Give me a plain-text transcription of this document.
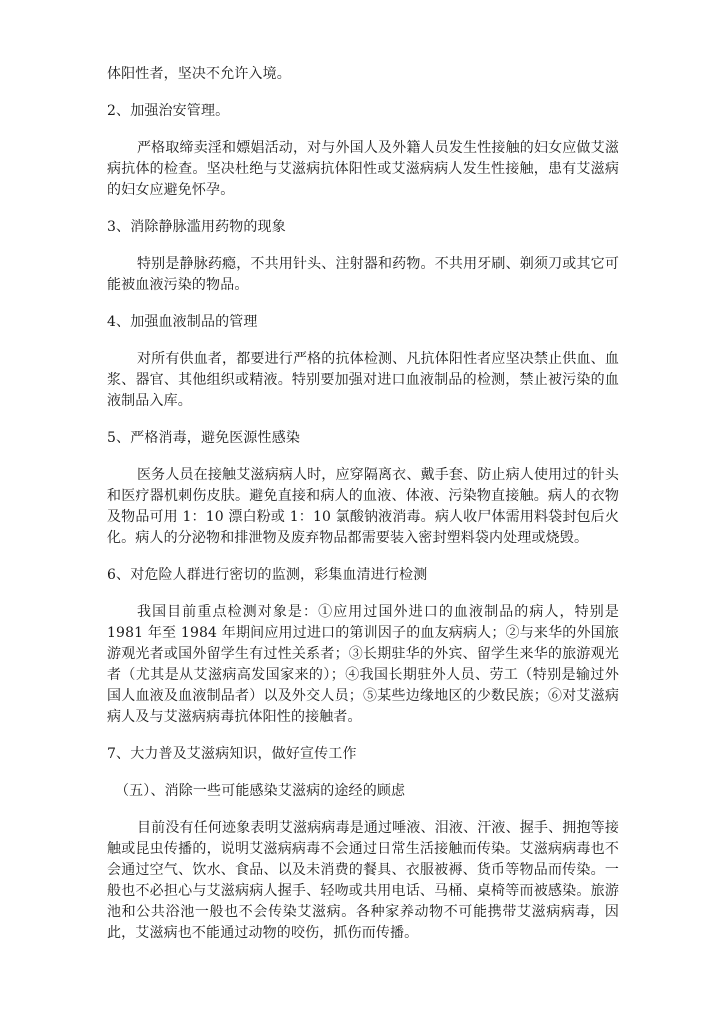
体阳性者，坚决不允许入境。

2、加强治安管理。

严格取缔卖淫和嫖娼活动，对与外国人及外籍人员发生性接触的妇女应做艾滋病抗体的检查。坚决杜绝与艾滋病抗体阳性或艾滋病病人发生性接触，患有艾滋病的妇女应避免怀孕。

3、消除静脉滥用药物的现象

特别是静脉药瘾，不共用针头、注射器和药物。不共用牙刷、剃须刀或其它可能被血液污染的物品。

4、加强血液制品的管理

对所有供血者，都要进行严格的抗体检测、凡抗体阳性者应坚决禁止供血、血浆、器官、其他组织或精液。特别要加强对进口血液制品的检测，禁止被污染的血液制品入库。

5、严格消毒，避免医源性感染

医务人员在接触艾滋病病人时，应穿隔离衣、戴手套、防止病人使用过的针头和医疗器机刺伤皮肤。避免直接和病人的血液、体液、污染物直接触。病人的衣物及物品可用 1：10 漂白粉或 1：10 氯酸钠液消毒。病人收尸体需用料袋封包后火化。病人的分泌物和排泄物及废弃物品都需要装入密封塑料袋内处理或烧毁。

6、对危险人群进行密切的监测，彩集血清进行检测

我国目前重点检测对象是：①应用过国外进口的血液制品的病人，特别是 1981 年至 1984 年期间应用过进口的第训因子的血友病病人；②与来华的外国旅游观光者或国外留学生有过性关系者；③长期驻华的外宾、留学生来华的旅游观光者（尤其是从艾滋病高发国家来的）；④我国长期驻外人员、劳工（特别是输过外国人血液及血液制品者）以及外交人员；⑤某些边缘地区的少数民族；⑥对艾滋病病人及与艾滋病病毒抗体阳性的接触者。

7、大力普及艾滋病知识，做好宣传工作

（五）、消除一些可能感染艾滋病的途经的顾虑

目前没有任何迹象表明艾滋病病毒是通过唾液、泪液、汗液、握手、拥抱等接触或昆虫传播的，说明艾滋病病毒不会通过日常生活接触而传染。艾滋病病毒也不会通过空气、饮水、食品、以及未消费的餐具、衣服被褥、货币等物品而传染。一般也不必担心与艾滋病病人握手、轻吻或共用电话、马桶、桌椅等而被感染。旅游池和公共浴池一般也不会传染艾滋病。各种家养动物不可能携带艾滋病病毒，因此，艾滋病也不能通过动物的咬伤，抓伤而传播。
